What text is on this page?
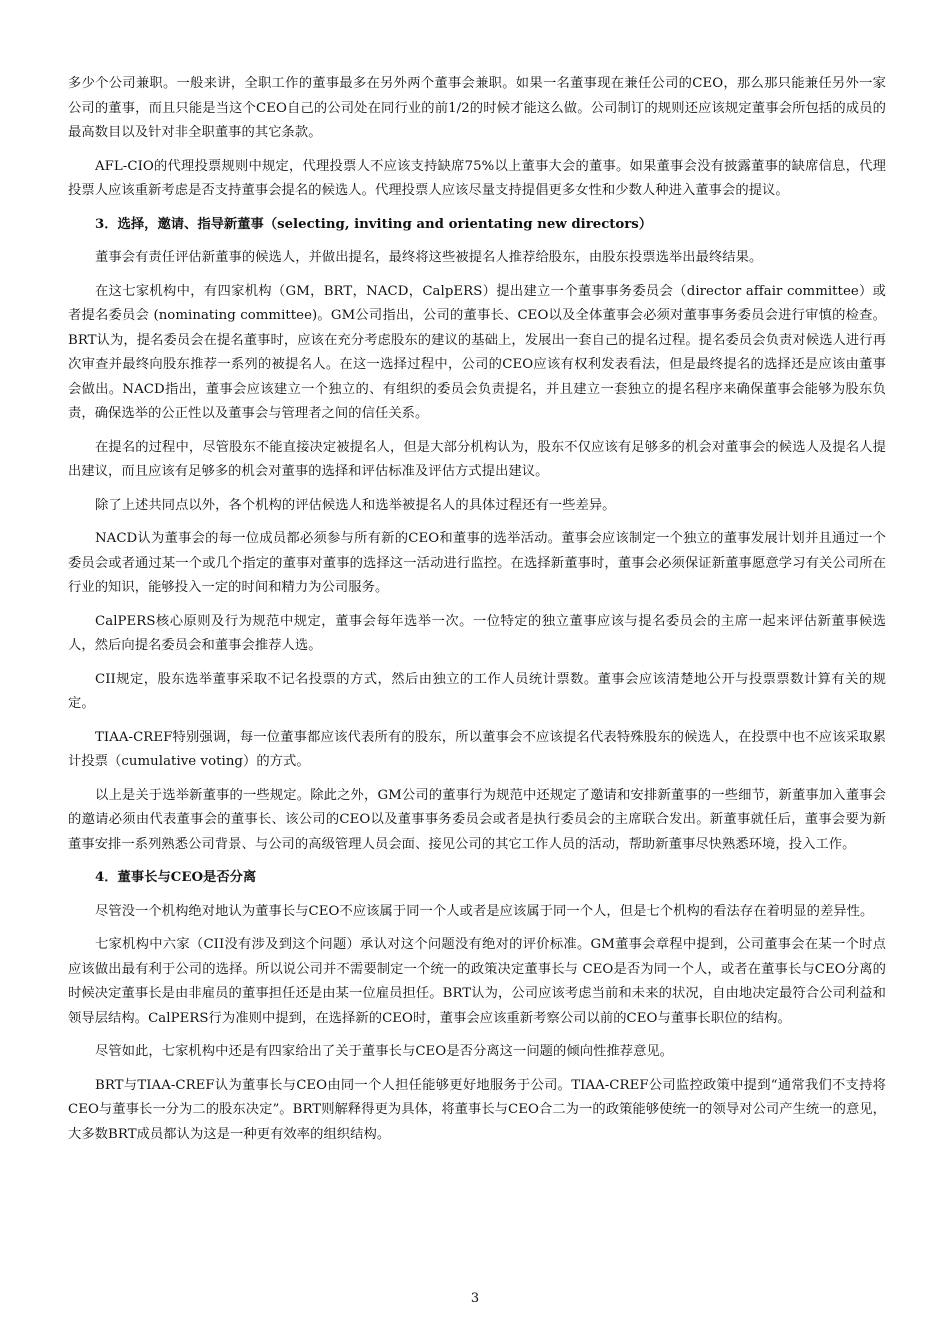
多少个公司兼职。一般来讲，全职工作的董事最多在另外两个董事会兼职。如果一名董事现在兼任公司的CEO，那么那只能兼任另外一家公司的董事，而且只能是当这个CEO自己的公司处在同行业的前1/2的时候才能这么做。公司制订的规则还应该规定董事会所包括的成员的最高数目以及针对非全职董事的其它条款。

AFL-CIO的代理投票规则中规定，代理投票人不应该支持缺席75%以上董事大会的董事。如果董事会没有披露董事的缺席信息，代理投票人应该重新考虑是否支持董事会提名的候选人。代理投票人应该尽量支持提倡更多女性和少数人种进入董事会的提议。

3．选择，邀请、指导新董事（selecting, inviting and orientating new directors）

董事会有责任评估新董事的候选人，并做出提名，最终将这些被提名人推荐给股东，由股东投票选举出最终结果。

在这七家机构中，有四家机构（GM，BRT，NACD，CalpERS）提出建立一个董事事务委员会（director affair committee）或者提名委员会 (nominating committee)。GM公司指出，公司的董事长、CEO以及全体董事会必须对董事事务委员会进行审慎的检查。BRT认为，提名委员会在提名董事时，应该在充分考虑股东的建议的基础上，发展出一套自己的提名过程。提名委员会负责对候选人进行再次审查并最终向股东推荐一系列的被提名人。在这一选择过程中，公司的CEO应该有权利发表看法，但是最终提名的选择还是应该由董事会做出。NACD指出，董事会应该建立一个独立的、有组织的委员会负责提名，并且建立一套独立的提名程序来确保董事会能够为股东负责，确保选举的公正性以及董事会与管理者之间的信任关系。

在提名的过程中，尽管股东不能直接决定被提名人，但是大部分机构认为，股东不仅应该有足够多的机会对董事会的候选人及提名人提出建议，而且应该有足够多的机会对董事的选择和评估标准及评估方式提出建议。

除了上述共同点以外，各个机构的评估候选人和选举被提名人的具体过程还有一些差异。

NACD认为董事会的每一位成员都必须参与所有新的CEO和董事的选举活动。董事会应该制定一个独立的董事发展计划并且通过一个委员会或者通过某一个或几个指定的董事对董事的选择这一活动进行监控。在选择新董事时，董事会必须保证新董事愿意学习有关公司所在行业的知识，能够投入一定的时间和精力为公司服务。

CalPERS核心原则及行为规范中规定，董事会每年选举一次。一位特定的独立董事应该与提名委员会的主席一起来评估新董事候选人，然后向提名委员会和董事会推荐人选。

CII规定，股东选举董事采取不记名投票的方式，然后由独立的工作人员统计票数。董事会应该清楚地公开与投票票数计算有关的规定。

TIAA-CREF特别强调，每一位董事都应该代表所有的股东，所以董事会不应该提名代表特殊股东的候选人，在投票中也不应该采取累计投票（cumulative voting）的方式。

以上是关于选举新董事的一些规定。除此之外，GM公司的董事行为规范中还规定了邀请和安排新董事的一些细节，新董事加入董事会的邀请必须由代表董事会的董事长、该公司的CEO以及董事事务委员会或者是执行委员会的主席联合发出。新董事就任后，董事会要为新董事安排一系列熟悉公司背景、与公司的高级管理人员会面、接见公司的其它工作人员的活动，帮助新董事尽快熟悉环境，投入工作。

4．董事长与CEO是否分离

尽管没一个机构绝对地认为董事长与CEO不应该属于同一个人或者是应该属于同一个人，但是七个机构的看法存在着明显的差异性。

七家机构中六家（CII没有涉及到这个问题）承认对这个问题没有绝对的评价标准。GM董事会章程中提到，公司董事会在某一个时点应该做出最有利于公司的选择。所以说公司并不需要制定一个统一的政策决定董事长与 CEO是否为同一个人，或者在董事长与CEO分离的时候决定董事长是由非雇员的董事担任还是由某一位雇员担任。BRT认为，公司应该考虑当前和未来的状况，自由地决定最符合公司利益和领导层结构。CalPERS行为准则中提到，在选择新的CEO时，董事会应该重新考察公司以前的CEO与董事长职位的结构。

尽管如此，七家机构中还是有四家给出了关于董事长与CEO是否分离这一问题的倾向性推荐意见。

BRT与TIAA-CREF认为董事长与CEO由同一个人担任能够更好地服务于公司。TIAA-CREF公司监控政策中提到“通常我们不支持将CEO与董事长一分为二的股东决定”。BRT则解释得更为具体，将董事长与CEO合二为一的政策能够使统一的领导对公司产生统一的意见，大多数BRT成员都认为这是一种更有效率的组织结构。

3
